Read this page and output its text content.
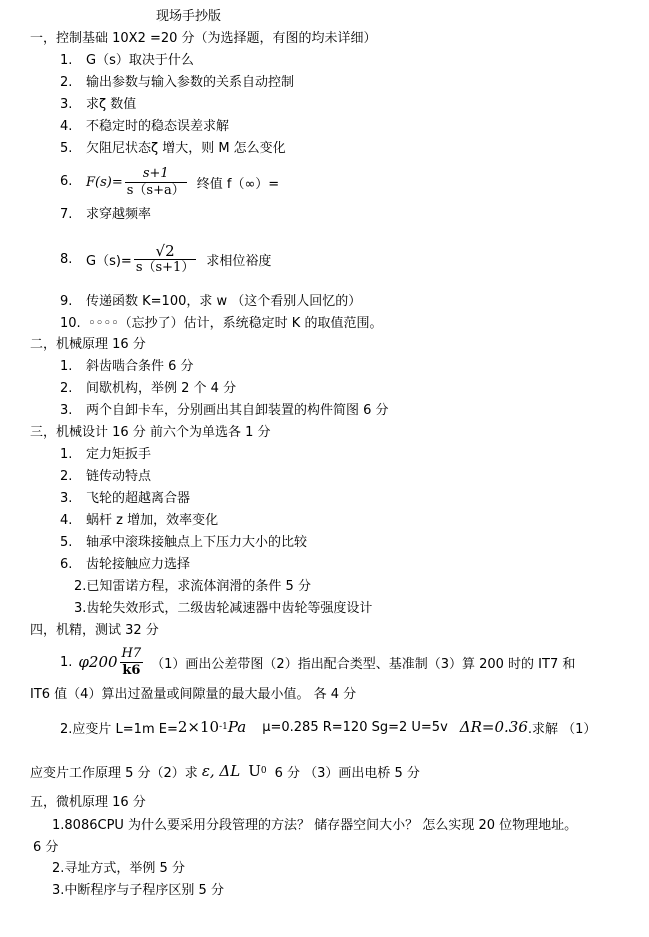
现场手抄版
一，控制基础 10X2 =20 分（为选择题，有图的均未详细）
1. G（s）取决于什么
2. 输出参数与输入参数的关系自动控制
3. 求ζ 数值
4. 不稳定时的稳态误差求解
5. 欠阻尼状态ζ 增大，则 M 怎么变化
6. $F(s)= \frac{s+1}{s(s+a)}$ 终值 f（∞）=
7. 求穿越频率
8. $G(s)= \frac{√2}{s(s+1)}$ 求相位裕度
9. 传递函数 K=100，求 w （这个看别人回忆的）
10. ◦◦◦◦（忘抄了）估计，系统稳定时 K 的取值范围。
二，机械原理 16 分
1. 斜齿啮合条件 6 分
2. 间歇机构，举例 2 个 4 分
3. 两个自卸卡车，分别画出其自卸装置的构件简图 6 分
三，机械设计 16 分 前六个为单选各 1 分
1. 定力矩扳手
2. 链传动特点
3. 飞轮的超越离合器
4. 蜗杆 z 增加，效率变化
5. 轴承中滚珠接触点上下压力大小的比较
6. 齿轮接触应力选择
2.已知雷诺方程，求流体润滑的条件 5 分
3.齿轮失效形式，二级齿轮减速器中齿轮等强度设计
四，机精，测试 32 分
1. $\varphi 200 \frac{H7}{k6} (1)$画出公差带图（2）指出配合类型、基准制（3）算 200 时的 IT7 和
IT6 值（4）算出过盈量或间隙量的最大最小值。 各 4 分
2.应变片 L=1m E= 2×10 -1 Pa μ=0.285 R=120 Sg=2 U=5v ΔR=0.36 .求解 （1）
应变片工作原理 5 分（2）求 ε, ΔL U 0 6 分 （3）画出电桥 5 分
五，微机原理 16 分
1.8086CPU 为什么要采用分段管理的方法？ 储存器空间大小？ 怎么实现 20 位物理地址。
6 分
2.寻址方式，举例 5 分
3.中断程序与子程序区别 5 分
